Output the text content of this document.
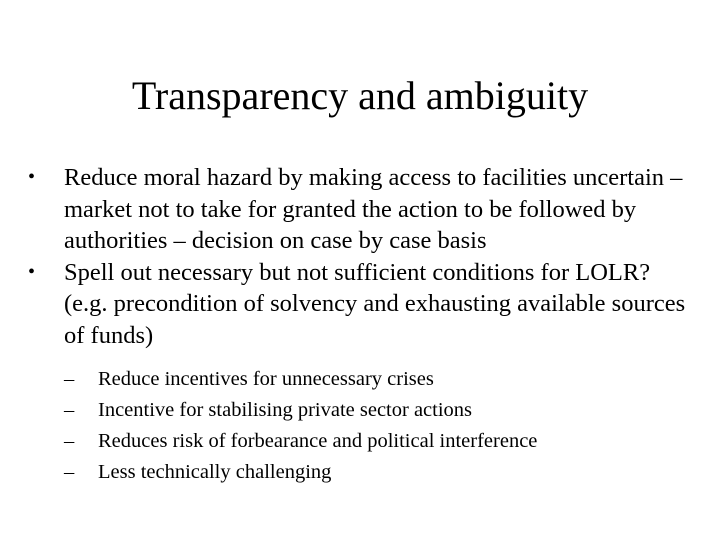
Transparency and ambiguity
•	Reduce moral hazard by making access to facilities uncertain – market not to take for granted the action to be followed by authorities – decision on case by case basis
•	Spell out necessary but not sufficient conditions for LOLR? (e.g. precondition of solvency and exhausting available sources of funds)
–	Reduce incentives for unnecessary crises
–	Incentive for stabilising private sector actions
–	Reduces risk of forbearance and political interference
–	Less technically challenging
